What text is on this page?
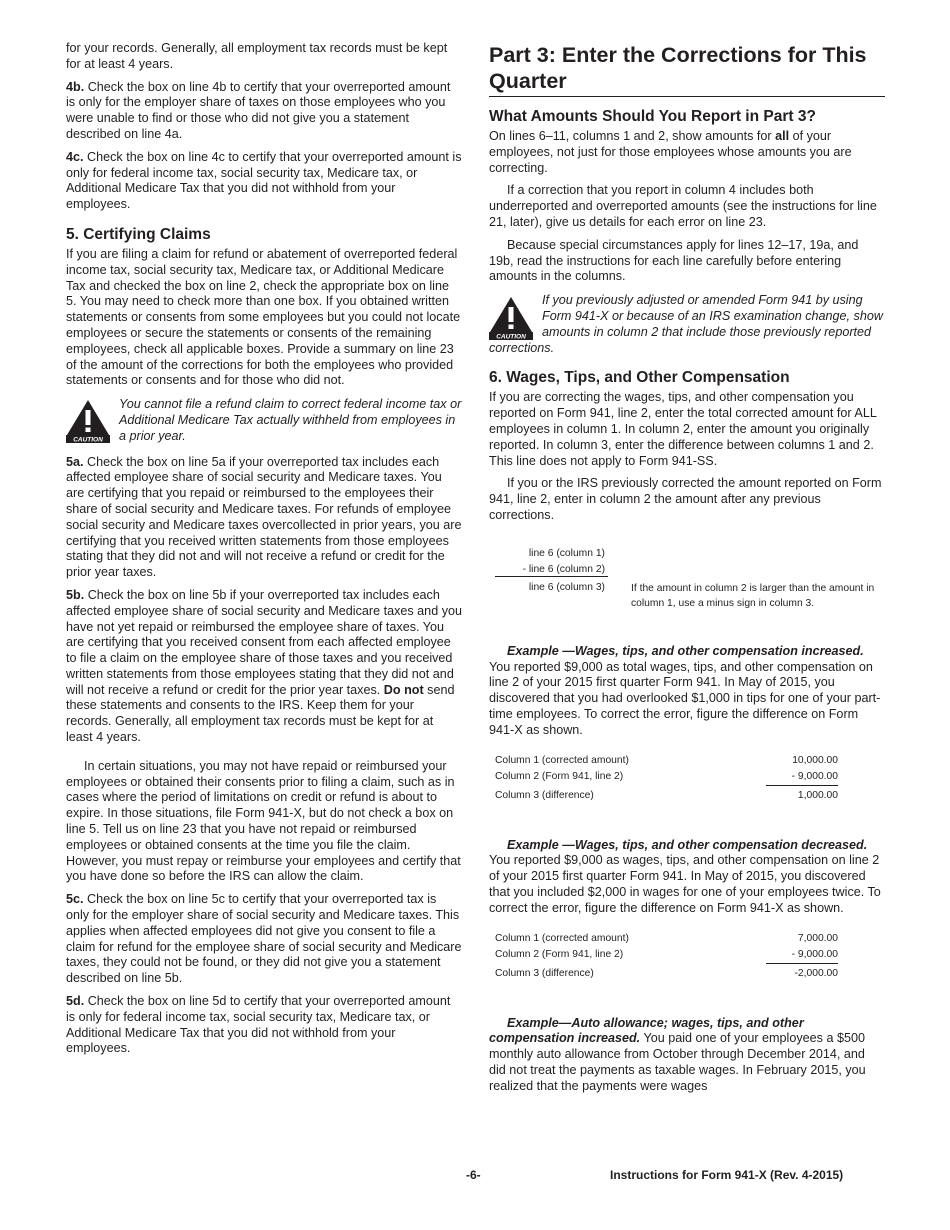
for your records. Generally, all employment tax records must be kept for at least 4 years.

4b. Check the box on line 4b to certify that your overreported amount is only for the employer share of taxes on those employees who you were unable to find or those who did not give you a statement described on line 4a.

4c. Check the box on line 4c to certify that your overreported amount is only for federal income tax, social security tax, Medicare tax, or Additional Medicare Tax that you did not withhold from your employees.

5. Certifying Claims

If you are filing a claim for refund or abatement of overreported federal income tax, social security tax, Medicare tax, or Additional Medicare Tax and checked the box on line 2, check the appropriate box on line 5. You may need to check more than one box. If you obtained written statements or consents from some employees but you could not locate employees or secure the statements or consents of the remaining employees, check all applicable boxes. Provide a summary on line 23 of the amount of the corrections for both the employees who provided statements or consents and for those who did not.

CAUTION
You cannot file a refund claim to correct federal income tax or Additional Medicare Tax actually withheld from employees in a prior year.

5a. Check the box on line 5a if your overreported tax includes each affected employee share of social security and Medicare taxes. You are certifying that you repaid or reimbursed to the employees their share of social security and Medicare taxes. For refunds of employee social security and Medicare taxes overcollected in prior years, you are certifying that you received written statements from those employees stating that they did not and will not receive a refund or credit for the prior year taxes.

5b. Check the box on line 5b if your overreported tax includes each affected employee share of social security and Medicare taxes and you have not yet repaid or reimbursed the employee share of taxes. You are certifying that you received consent from each affected employee to file a claim on the employee share of those taxes and you received written statements from those employees stating that they did not and will not receive a refund or credit for the prior year taxes. Do not send these statements and consents to the IRS. Keep them for your records. Generally, all employment tax records must be kept for at least 4 years.

In certain situations, you may not have repaid or reimbursed your employees or obtained their consents prior to filing a claim, such as in cases where the period of limitations on credit or refund is about to expire. In those situations, file Form 941-X, but do not check a box on line 5. Tell us on line 23 that you have not repaid or reimbursed employees or obtained consents at the time you file the claim. However, you must repay or reimburse your employees and certify that you have done so before the IRS can allow the claim.

5c. Check the box on line 5c to certify that your overreported tax is only for the employer share of social security and Medicare taxes. This applies when affected employees did not give you consent to file a claim for refund for the employee share of social security and Medicare taxes, they could not be found, or they did not give you a statement described on line 5b.

5d. Check the box on line 5d to certify that your overreported amount is only for federal income tax, social security tax, Medicare tax, or Additional Medicare Tax that you did not withhold from your employees.

Part 3: Enter the Corrections for This Quarter
What Amounts Should You Report in Part 3?

On lines 6–11, columns 1 and 2, show amounts for all of your employees, not just for those employees whose amounts you are correcting.

If a correction that you report in column 4 includes both underreported and overreported amounts (see the instructions for line 21, later), give us details for each error on line 23.

Because special circumstances apply for lines 12–17, 19a, and 19b, read the instructions for each line carefully before entering amounts in the columns.

CAUTION
If you previously adjusted or amended Form 941 by using Form 941-X or because of an IRS examination change, show amounts in column 2 that include those previously reported corrections.
6. Wages, Tips, and Other Compensation

If you are correcting the wages, tips, and other compensation you reported on Form 941, line 2, enter the total corrected amount for ALL employees in column 1. In column 2, enter the amount you originally reported. In column 3, enter the difference between columns 1 and 2. This line does not apply to Form 941-SS.

If you or the IRS previously corrected the amount reported on Form 941, line 2, enter in column 2 the amount after any previous corrections.

line 6 (column 1)
- line 6 (column 2)
line 6 (column 3)	If the amount in column 2 is larger than the amount in column 1, use a minus sign in column 3.

Example —Wages, tips, and other compensation increased. You reported $9,000 as total wages, tips, and other compensation on line 2 of your 2015 first quarter Form 941. In May of 2015, you discovered that you had overlooked $1,000 in tips for one of your part-time employees. To correct the error, figure the difference on Form 941-X as shown.

Column 1 (corrected amount)	10,000.00
Column 2 (Form 941, line 2)	- 9,000.00
Column 3 (difference)	1,000.00

Example —Wages, tips, and other compensation decreased. You reported $9,000 as wages, tips, and other compensation on line 2 of your 2015 first quarter Form 941. In May of 2015, you discovered that you included $2,000 in wages for one of your employees twice. To correct the error, figure the difference on Form 941-X as shown.

Column 1 (corrected amount)	7,000.00
Column 2 (Form 941, line 2)	- 9,000.00
Column 3 (difference)	-2,000.00

Example—Auto allowance; wages, tips, and other compensation increased. You paid one of your employees a $500 monthly auto allowance from October through December 2014, and did not treat the payments as taxable wages. In February 2015, you realized that the payments were wages

-6-	Instructions for Form 941-X (Rev. 4-2015)
